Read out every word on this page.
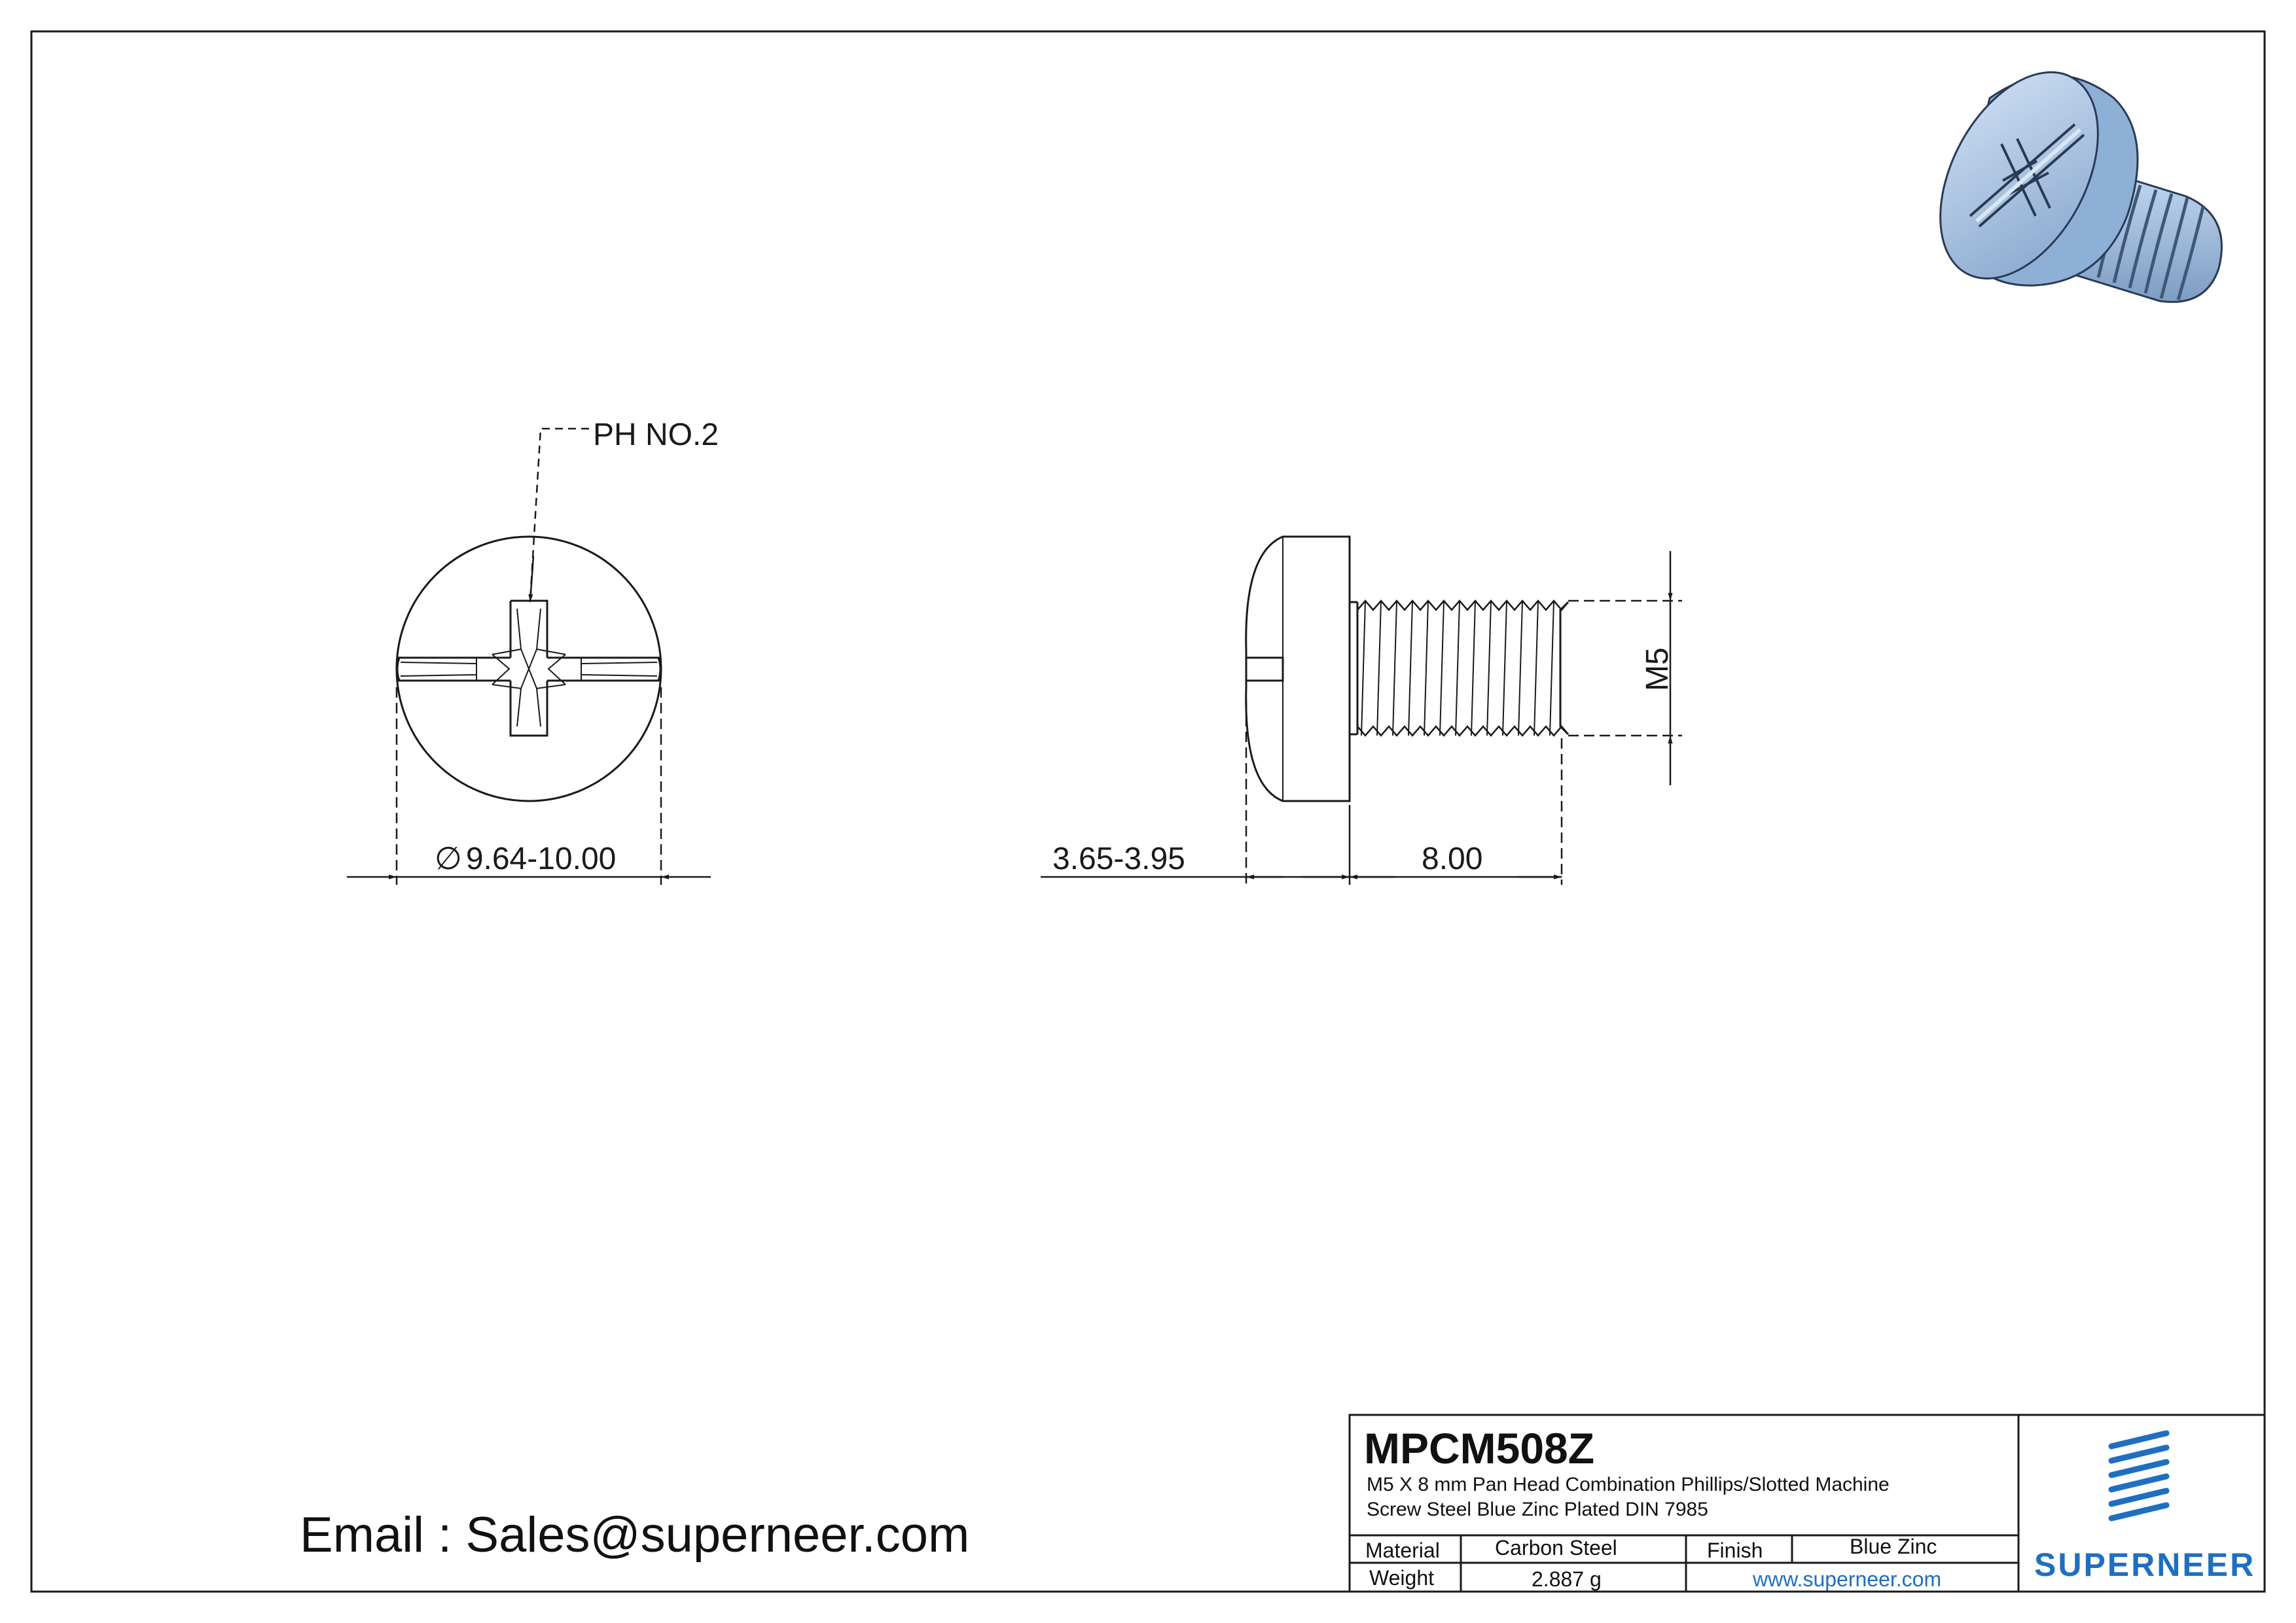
PH NO.2
∅ 9.64-10.00	3.65-3.95	8.00
M5
MPCM508Z
M5 X 8 mm Pan Head Combination Phillips/Slotted Machine
Screw Steel Blue Zinc Plated DIN 7985
Material	Carbon Steel	Finish	Blue Zinc
Weight	2.887 g	www.superneer.com	SUPERNEER
Email : Sales@superneer.com
